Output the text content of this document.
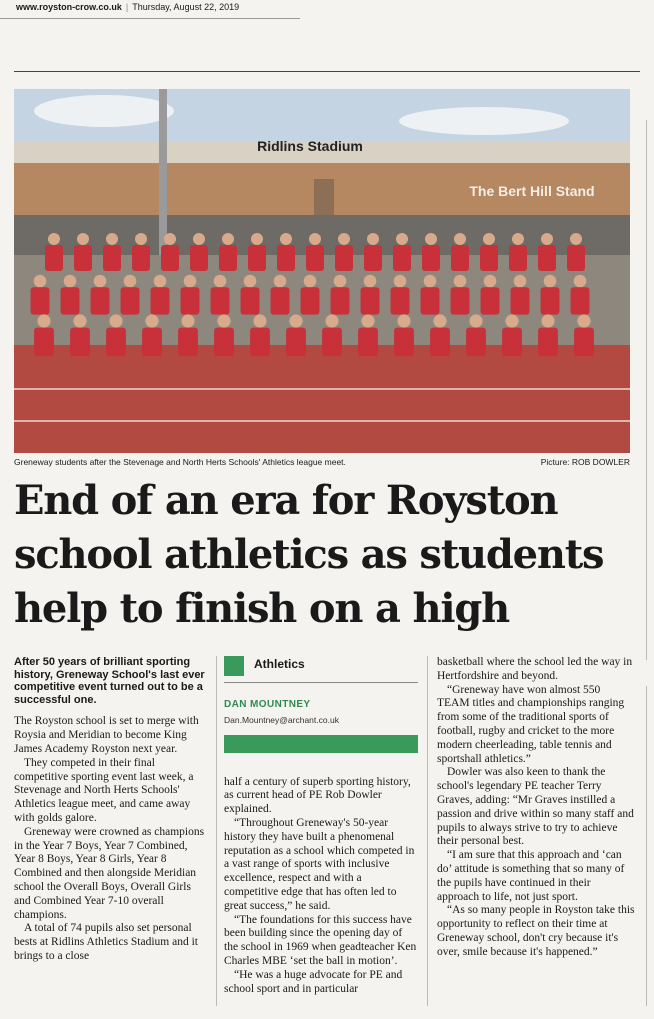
www.royston-crow.co.uk | Thursday, August 22, 2019
Ridlins Stadium
The Bert Hill Stand
Greneway students after the Stevenage and North Herts Schools' Athletics league meet.	Picture: ROB DOWLER
End of an era for Royston
school athletics as students
help to finish on a high

After 50 years of brilliant sporting history, Greneway School's last ever competitive event turned out to be a successful one.

The Royston school is set to merge with Roysia and Meridian to become King James Academy Royston next year.

They competed in their final competitive sporting event last week, a Stevenage and North Herts Schools' Athletics league meet, and came away with golds galore.

Greneway were crowned as champions in the Year 7 Boys, Year 7 Combined, Year 8 Boys, Year 8 Girls, Year 8 Combined and then alongside Meridian school the Overall Boys, Overall Girls and Combined Year 7-10 overall champions.

A total of 74 pupils also set personal bests at Ridlins Athletics Stadium and it brings to a close

Athletics
DAN MOUNTNEY
Dan.Mountney@archant.co.uk

half a century of superb sporting history, as current head of PE Rob Dowler explained.

“Throughout Greneway's 50-year history they have built a phenomenal reputation as a school which competed in a vast range of sports with inclusive excellence, respect and with a competitive edge that has often led to great success,” he said.

“The foundations for this success have been building since the opening day of the school in 1969 when geadteacher Ken Charles MBE ‘set the ball in motion’.

“He was a huge advocate for PE and school sport and in particular

basketball where the school led the way in Hertfordshire and beyond.

“Greneway have won almost 550 TEAM titles and championships ranging from some of the traditional sports of football, rugby and cricket to the more modern cheerleading, table tennis and sportshall athletics.”

Dowler was also keen to thank the school's legendary PE teacher Terry Graves, adding: “Mr Graves instilled a passion and drive within so many staff and pupils to always strive to try to achieve their personal best.

“I am sure that this approach and ‘can do’ attitude is something that so many of the pupils have continued in their approach to life, not just sport.

“As so many people in Royston take this opportunity to reflect on their time at Greneway school, don't cry because it's over, smile because it's happened.”
